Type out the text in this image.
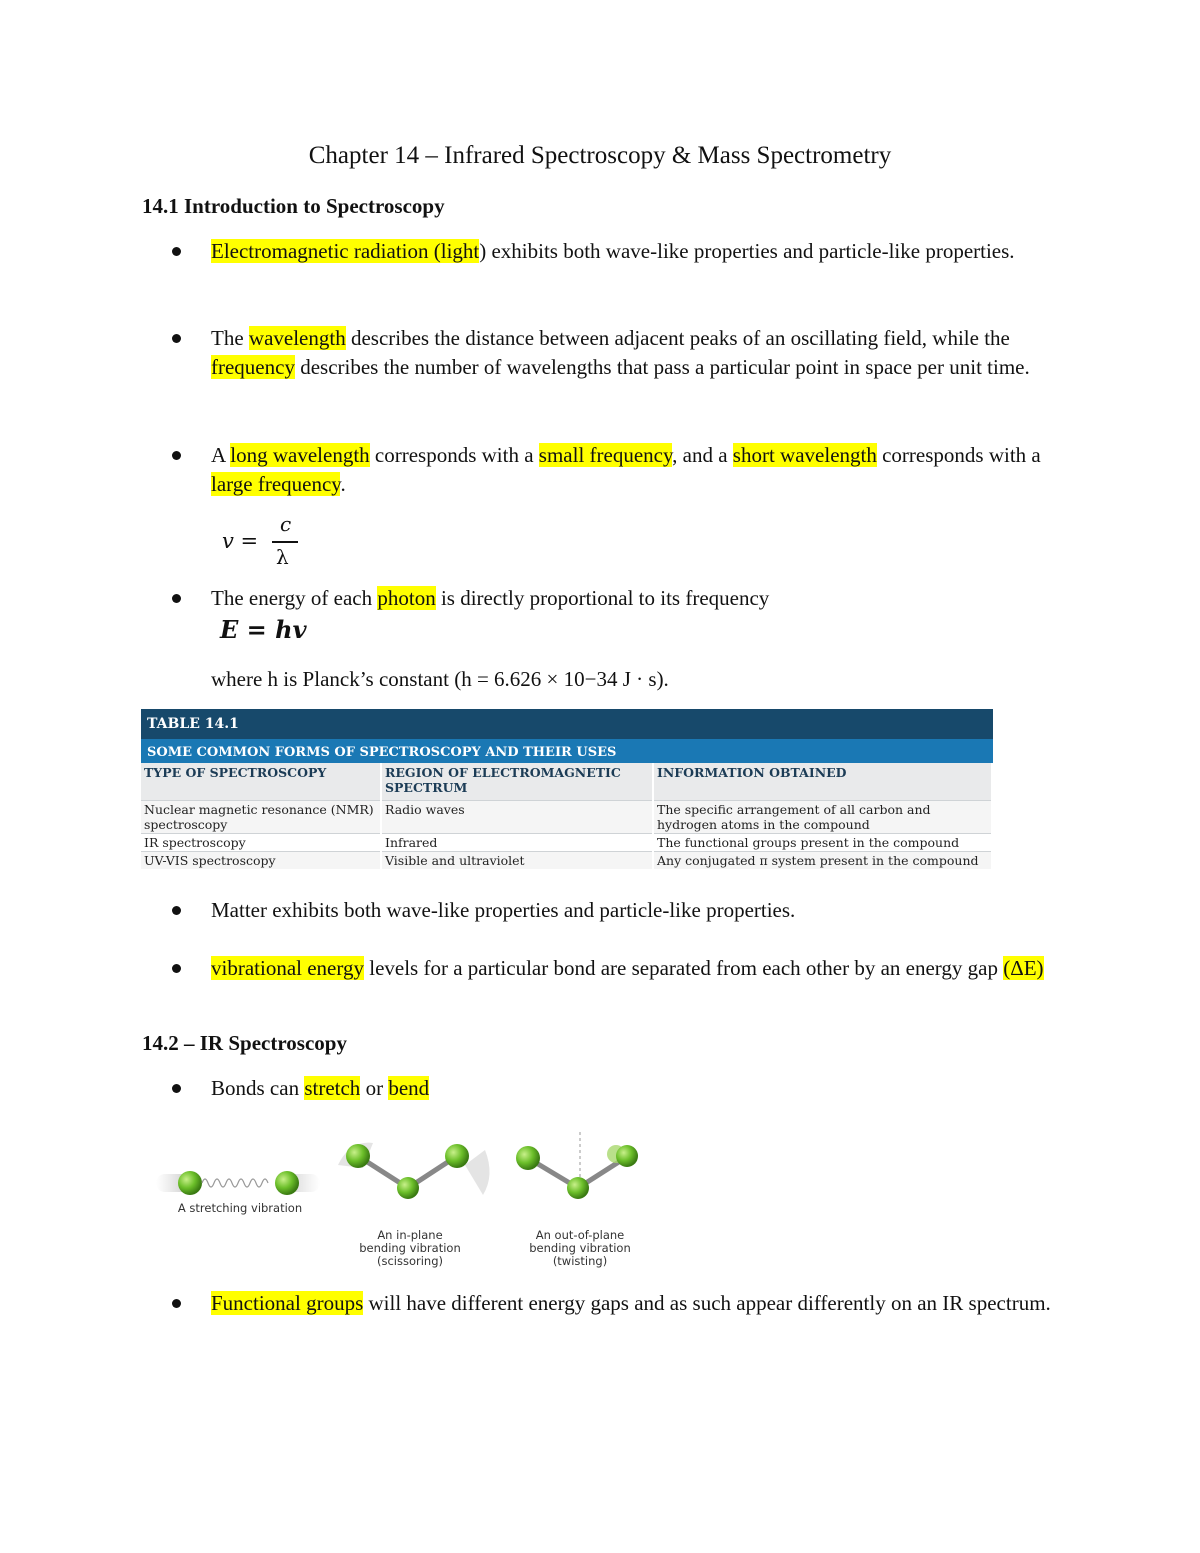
Chapter 14 – Infrared Spectroscopy & Mass Spectrometry
14.1 Introduction to Spectroscopy
Electromagnetic radiation (light) exhibits both wave-like properties and particle-like properties.
The wavelength describes the distance between adjacent peaks of an oscillating field, while the frequency describes the number of wavelengths that pass a particular point in space per unit time.
A long wavelength corresponds with a small frequency, and a short wavelength corresponds with a large frequency.
v =
c
λ
The energy of each photon is directly proportional to its frequency
E = hv
where h is Planck’s constant (h = 6.626 × 10−34 J · s).
TABLE 14.1
SOME COMMON FORMS OF SPECTROSCOPY AND THEIR USES
TYPE OF SPECTROSCOPY	REGION OF ELECTROMAGNETIC SPECTRUM	INFORMATION OBTAINED
Nuclear magnetic resonance (NMR) spectroscopy	Radio waves	The specific arrangement of all carbon and hydrogen atoms in the compound
IR spectroscopy	Infrared	The functional groups present in the compound
UV-VIS spectroscopy	Visible and ultraviolet	Any conjugated π system present in the compound
Matter exhibits both wave-like properties and particle-like properties.
vibrational energy levels for a particular bond are separated from each other by an energy gap (ΔE)
14.2 – IR Spectroscopy
Bonds can stretch or bend
A stretching vibration
An in-plane
bending vibration
(scissoring)
An out-of-plane
bending vibration
(twisting)
Functional groups will have different energy gaps and as such appear differently on an IR spectrum.
